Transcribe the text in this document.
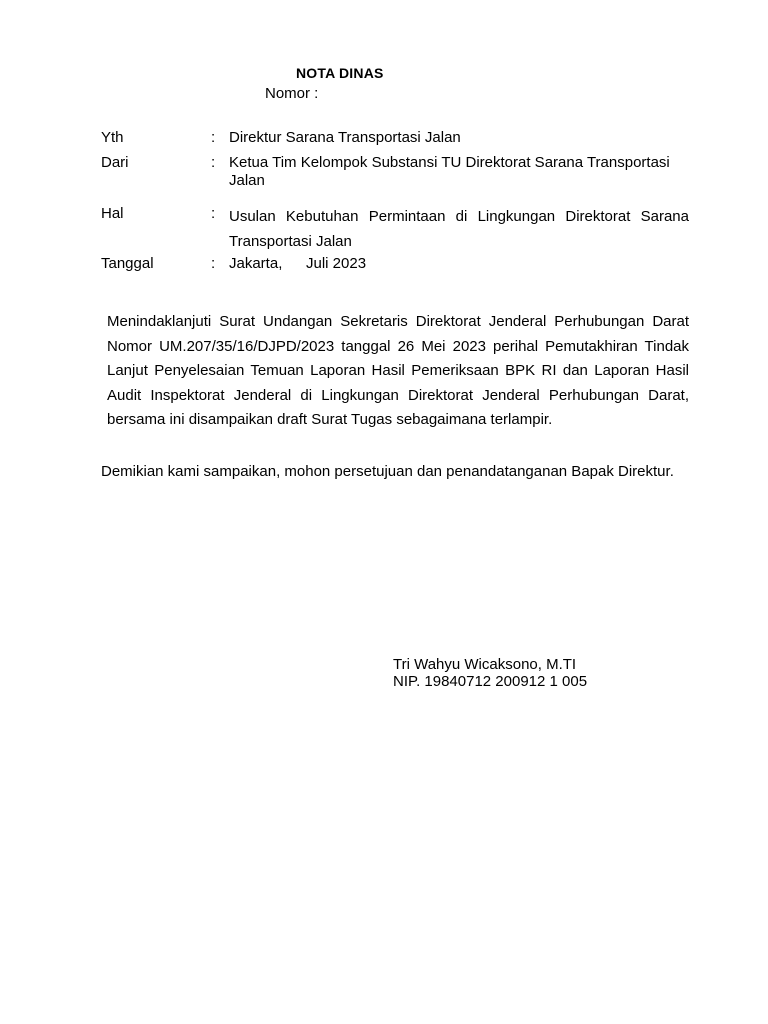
NOTA DINAS
Nomor :
Yth	: Direktur Sarana Transportasi Jalan
Dari	: Ketua Tim Kelompok Substansi TU Direktorat Sarana Transportasi Jalan
Hal	: Usulan Kebutuhan Permintaan di Lingkungan Direktorat Sarana Transportasi Jalan
Tanggal	: Jakarta, Juli 2023
Menindaklanjuti Surat Undangan Sekretaris Direktorat Jenderal Perhubungan Darat Nomor UM.207/35/16/DJPD/2023 tanggal 26 Mei 2023 perihal Pemutakhiran Tindak Lanjut Penyelesaian Temuan Laporan Hasil Pemeriksaan BPK RI dan Laporan Hasil Audit Inspektorat Jenderal di Lingkungan Direktorat Jenderal Perhubungan Darat, bersama ini disampaikan draft Surat Tugas sebagaimana terlampir.
Demikian kami sampaikan, mohon persetujuan dan penandatanganan Bapak Direktur.
Tri Wahyu Wicaksono, M.TI
NIP. 19840712 200912 1 005
